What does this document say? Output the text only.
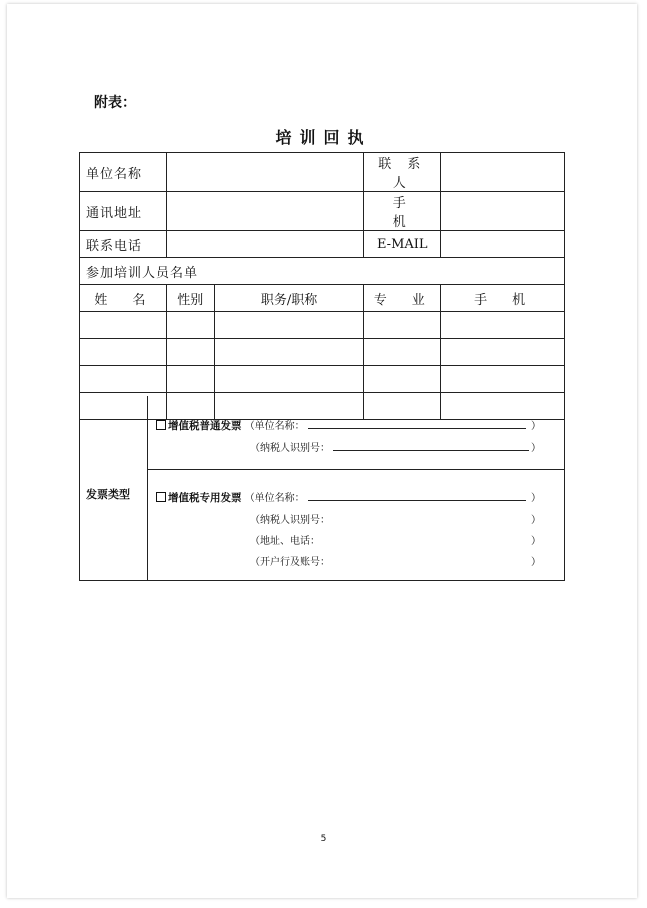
附表：
培训回执
单位名称			联 系 人	
通讯地址			手　 机	
联系电话			E-MAIL	
参加培训人员名单				
姓　名	性别	职务/职称	专　业	手　机

发票类型
增值税普通发票 （单位名称：	）
（纳税人识别号：	）
增值税专用发票 （单位名称：	）
（纳税人识别号：	）
（地址、电话：	）
（开户行及账号：	）
5
